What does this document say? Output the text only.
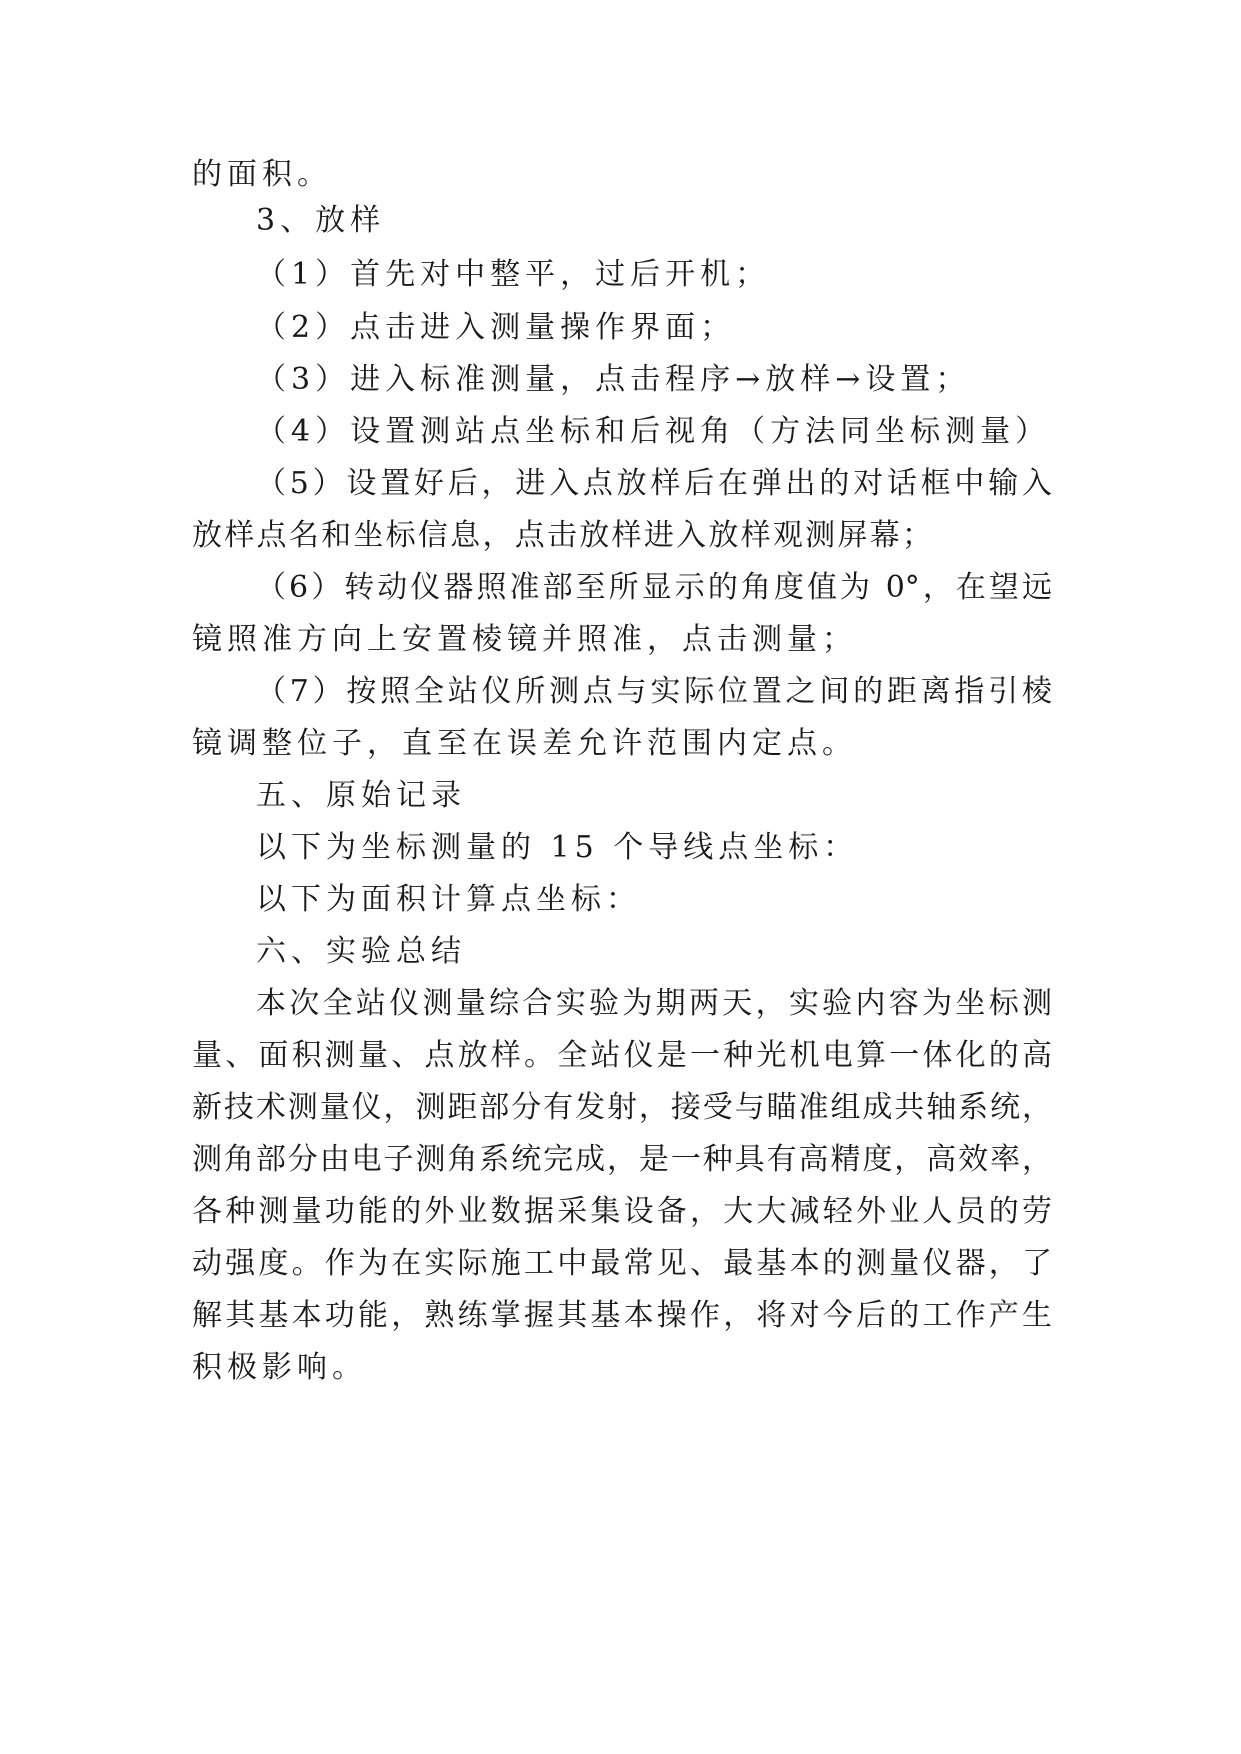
的面积。

3、放样

（1）首先对中整平，过后开机；

（2）点击进入测量操作界面；

（3）进入标准测量，点击程序→放样→设置；

（4）设置测站点坐标和后视角（方法同坐标测量）

（5）设置好后，进入点放样后在弹出的对话框中输入

放样点名和坐标信息，点击放样进入放样观测屏幕；

（6）转动仪器照准部至所显示的角度值为 0°，在望远

镜照准方向上安置棱镜并照准，点击测量；

（7）按照全站仪所测点与实际位置之间的距离指引棱

镜调整位子，直至在误差允许范围内定点。

五、原始记录

以下为坐标测量的 15 个导线点坐标：

以下为面积计算点坐标：

六、实验总结

本次全站仪测量综合实验为期两天，实验内容为坐标测

量、面积测量、点放样。全站仪是一种光机电算一体化的高

新技术测量仪，测距部分有发射，接受与瞄准组成共轴系统，

测角部分由电子测角系统完成，是一种具有高精度，高效率，

各种测量功能的外业数据采集设备，大大减轻外业人员的劳

动强度。作为在实际施工中最常见、最基本的测量仪器，了

解其基本功能，熟练掌握其基本操作，将对今后的工作产生

积极影响。
